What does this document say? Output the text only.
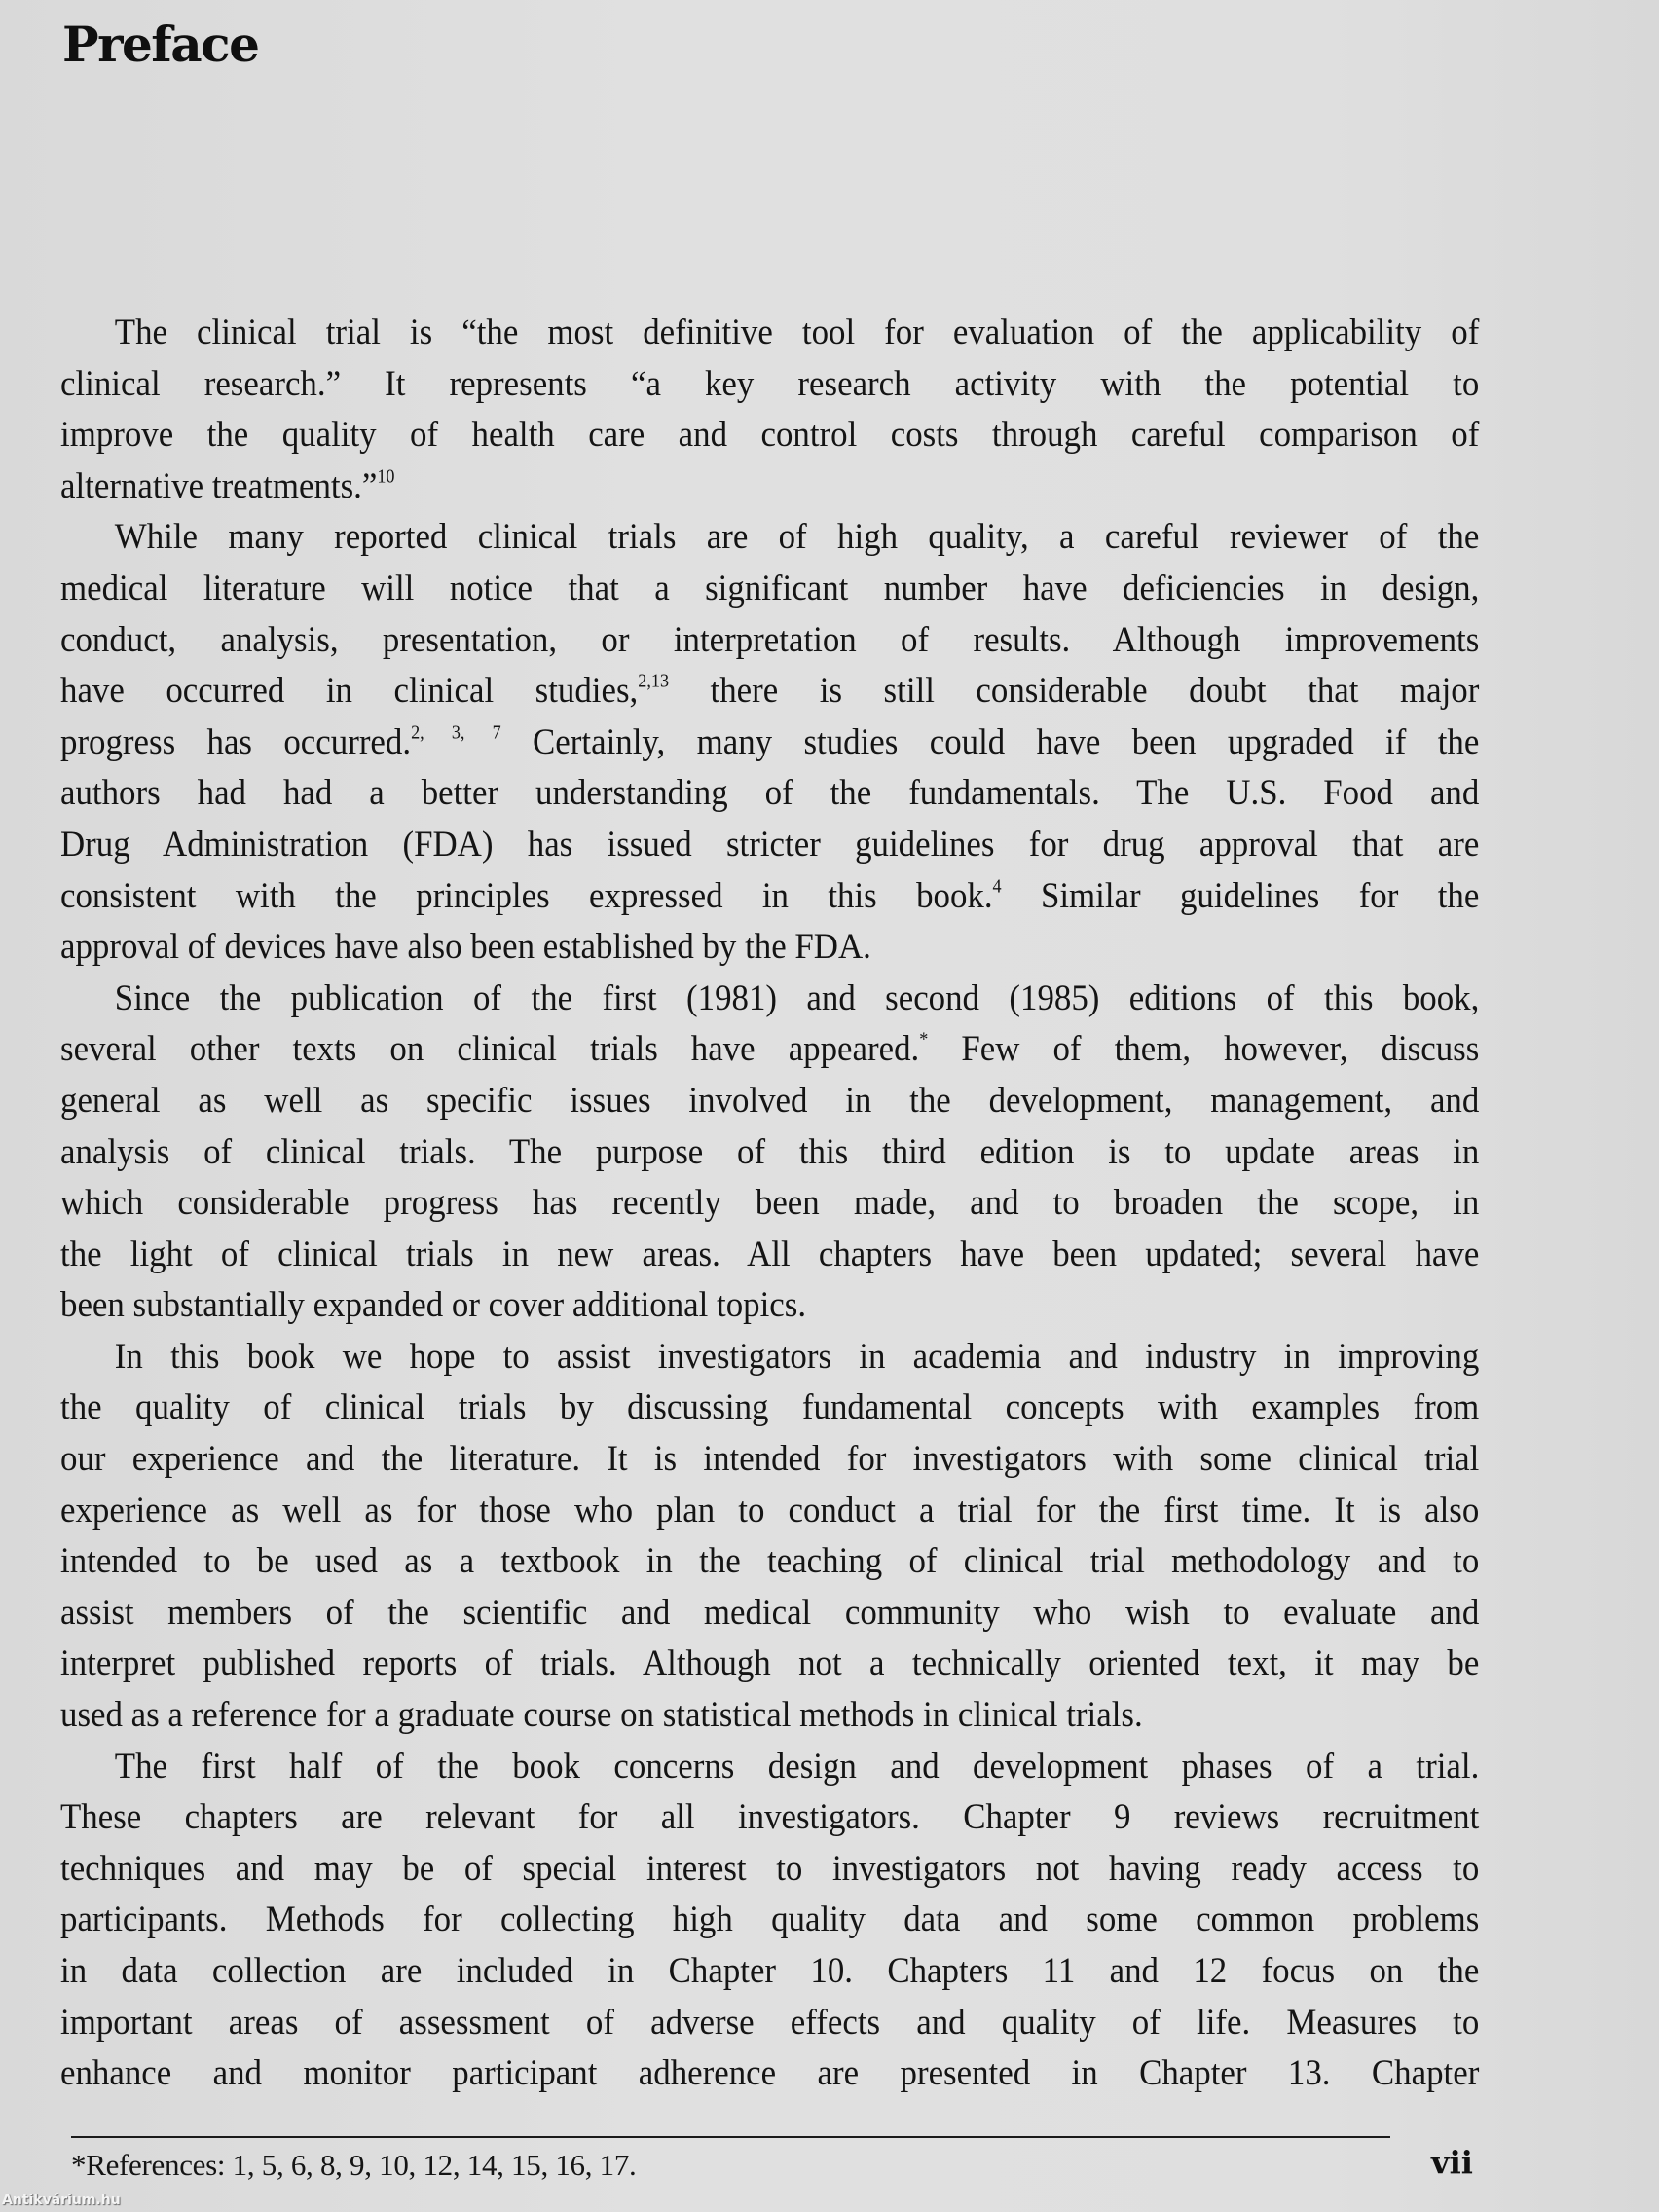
Preface
The clinical trial is “the most definitive tool for evaluation of the applicability of
clinical research.” It represents “a key research activity with the potential to
improve the quality of health care and control costs through careful comparison of
alternative treatments.”$^{10}$
While many reported clinical trials are of high quality, a careful reviewer of the
medical literature will notice that a significant number have deficiencies in design,
conduct, analysis, presentation, or interpretation of results. Although improvements
have occurred in clinical studies,$^{2,13}$ there is still considerable doubt that major
progress has occurred.$^{2, 3, 7}$ Certainly, many studies could have been upgraded if the
authors had had a better understanding of the fundamentals. The U.S. Food and
Drug Administration (FDA) has issued stricter guidelines for drug approval that are
consistent with the principles expressed in this book.$^4$ Similar guidelines for the
approval of devices have also been established by the FDA.
Since the publication of the first (1981) and second (1985) editions of this book,
several other texts on clinical trials have appeared.* Few of them, however, discuss
general as well as specific issues involved in the development, management, and
analysis of clinical trials. The purpose of this third edition is to update areas in
which considerable progress has recently been made, and to broaden the scope, in
the light of clinical trials in new areas. All chapters have been updated; several have
been substantially expanded or cover additional topics.
In this book we hope to assist investigators in academia and industry in improving
the quality of clinical trials by discussing fundamental concepts with examples from
our experience and the literature. It is intended for investigators with some clinical trial
experience as well as for those who plan to conduct a trial for the first time. It is also
intended to be used as a textbook in the teaching of clinical trial methodology and to
assist members of the scientific and medical community who wish to evaluate and
interpret published reports of trials. Although not a technically oriented text, it may be
used as a reference for a graduate course on statistical methods in clinical trials.
The first half of the book concerns design and development phases of a trial.
These chapters are relevant for all investigators. Chapter 9 reviews recruitment
techniques and may be of special interest to investigators not having ready access to
participants. Methods for collecting high quality data and some common problems
in data collection are included in Chapter 10. Chapters 11 and 12 focus on the
important areas of assessment of adverse effects and quality of life. Measures to
enhance and monitor participant adherence are presented in Chapter 13. Chapter
*References: 1, 5, 6, 8, 9, 10, 12, 14, 15, 16, 17.	vii
Antikvárium.hu
